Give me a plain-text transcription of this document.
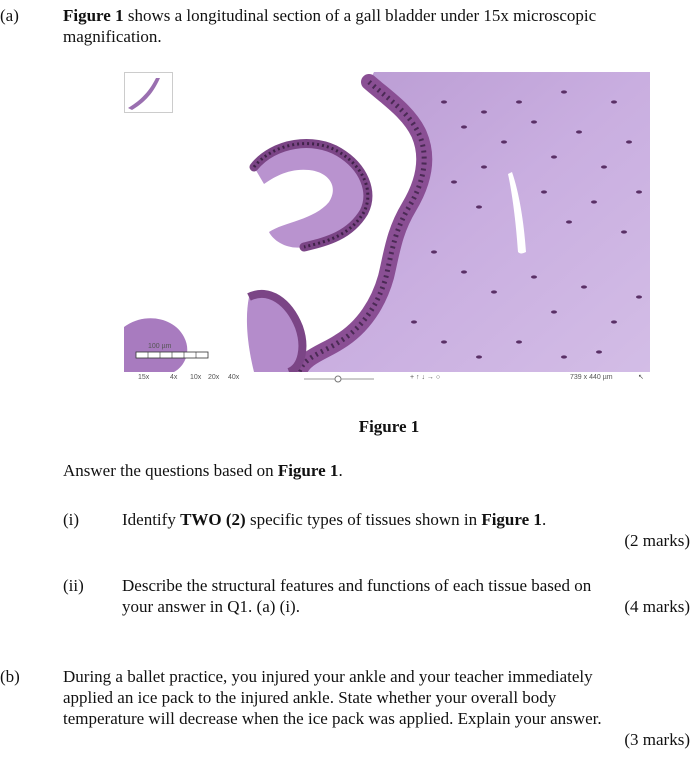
(a)	Figure 1 shows a longitudinal section of a gall bladder under 15x microscopic
magnification.
100 µm
15x	4x 10x 20x 40x	+ ↑ ↓ → ○	739 x 440 µm	↖
Figure 1
Answer the questions based on Figure 1.
(i)	Identify TWO (2) specific types of tissues shown in Figure 1.
(2 marks)
(ii) Describe the structural features and functions of each tissue based on
your answer in Q1. (a) (i).	(4 marks)
(b)	During a ballet practice, you injured your ankle and your teacher immediately
applied an ice pack to the injured ankle. State whether your overall body
temperature will decrease when the ice pack was applied. Explain your answer.
(3 marks)
